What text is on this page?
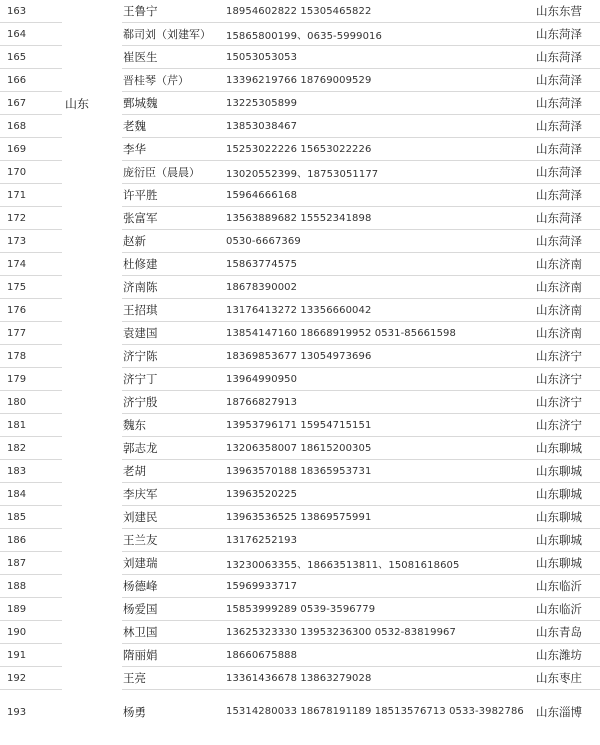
163		王鲁宁	18954602822 15305465822	山东东营
164		郗司刘（刘建军）	15865800199、0635-5999016	山东菏泽
165		崔医生	15053053053	山东菏泽
166		晋桂琴（芹）	13396219766 18769009529	山东菏泽
167	山东	鄄城魏	13225305899	山东菏泽
168		老魏	13853038467	山东菏泽
169		李华	15253022226 15653022226	山东菏泽
170		庞衍臣（晨晨）	13020552399、18753051177	山东菏泽
171		许平胜	15964666168	山东菏泽
172		张富军	13563889682 15552341898	山东菏泽
173		赵新	0530-6667369	山东菏泽
174		杜修建	15863774575	山东济南
175		济南陈	18678390002	山东济南
176		王招琪	13176413272 13356660042	山东济南
177		袁建国	13854147160 18668919952 0531-85661598	山东济南
178		济宁陈	18369853677 13054973696	山东济宁
179		济宁丁	13964990950	山东济宁
180		济宁殷	18766827913	山东济宁
181		魏东	13953796171 15954715151	山东济宁
182		郭志龙	13206358007 18615200305	山东聊城
183		老胡	13963570188 18365953731	山东聊城
184		李庆军	13963520225	山东聊城
185		刘建民	13963536525 13869575991	山东聊城
186		王兰友	13176252193	山东聊城
187		刘建瑞	13230063355、18663513811、15081618605	山东聊城
188		杨德峰	15969933717	山东临沂
189		杨爱国	15853999289 0539-3596779	山东临沂
190		林卫国	13625323330 13953236300 0532-83819967	山东青岛
191		隋丽娟	18660675888	山东潍坊
192		王亮	13361436678 13863279028	山东枣庄
193		杨勇	15314280033 18678191189 18513576713 0533-3982786	山东淄博
